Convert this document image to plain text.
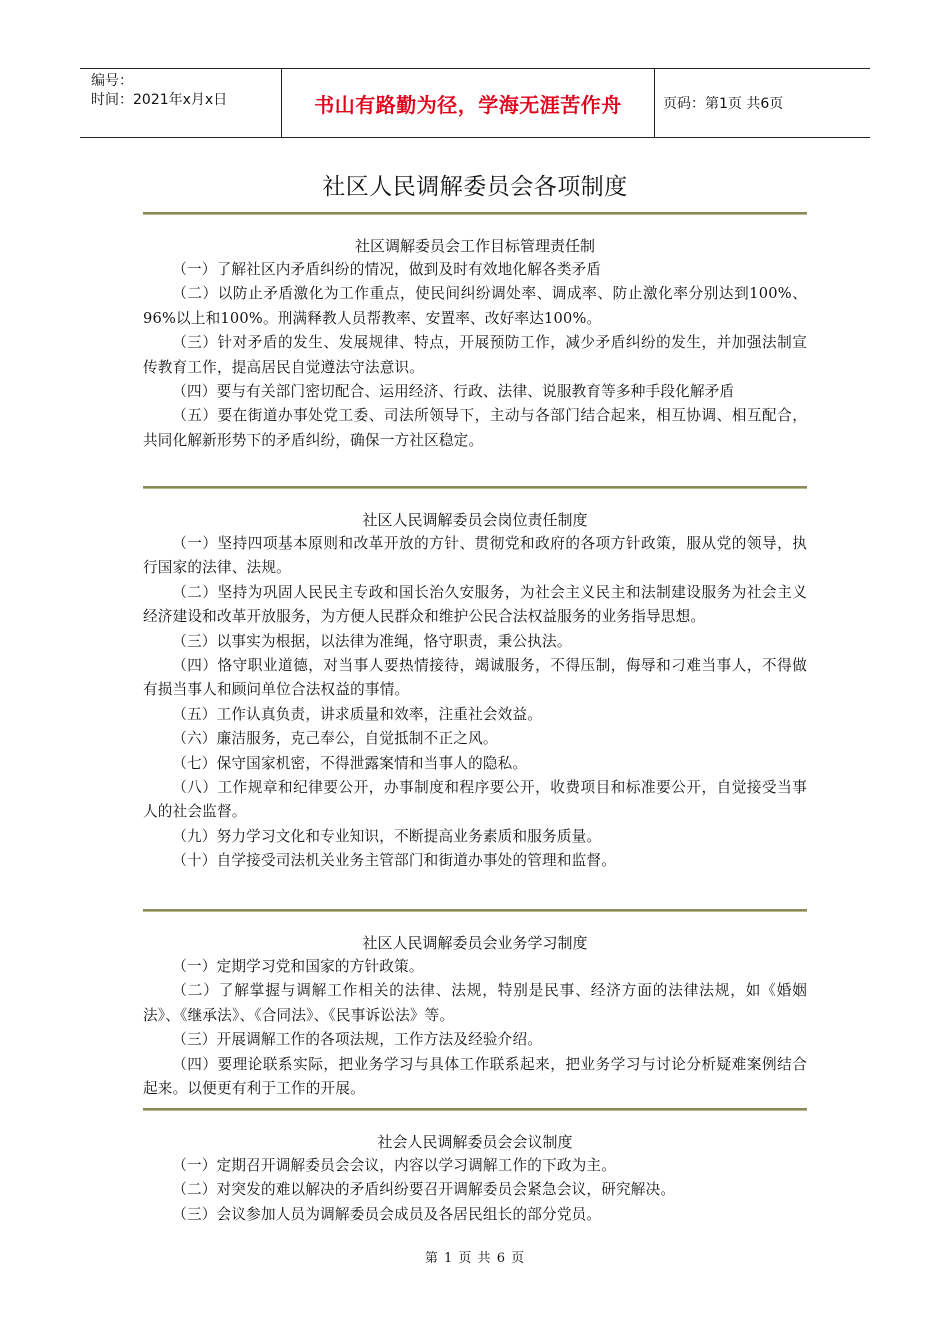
编号：
时间：2021年x月x日	书山有路勤为径，学海无涯苦作舟	页码：第1页 共6页
社区人民调解委员会各项制度
社区调解委员会工作目标管理责任制

（一）了解社区内矛盾纠纷的情况，做到及时有效地化解各类矛盾

（二）以防止矛盾激化为工作重点，使民间纠纷调处率、调成率、防止激化率分别达到100%、96%以上和100%。刑满释教人员帮教率、安置率、改好率达100%。

（三）针对矛盾的发生、发展规律、特点，开展预防工作，减少矛盾纠纷的发生，并加强法制宣传教育工作，提高居民自觉遵法守法意识。

（四）要与有关部门密切配合、运用经济、行政、法律、说服教育等多种手段化解矛盾

（五）要在街道办事处党工委、司法所领导下，主动与各部门结合起来，相互协调、相互配合，共同化解新形势下的矛盾纠纷，确保一方社区稳定。

社区人民调解委员会岗位责任制度

（一）坚持四项基本原则和改革开放的方针、贯彻党和政府的各项方针政策，服从党的领导，执行国家的法律、法规。

（二）坚持为巩固人民民主专政和国长治久安服务，为社会主义民主和法制建设服务为社会主义经济建设和改革开放服务，为方便人民群众和维护公民合法权益服务的业务指导思想。

（三）以事实为根据，以法律为准绳，恪守职责，秉公执法。

（四）恪守职业道德，对当事人要热情接待，竭诚服务，不得压制，侮辱和刁难当事人，不得做有损当事人和顾问单位合法权益的事情。

（五）工作认真负责，讲求质量和效率，注重社会效益。

（六）廉洁服务，克己奉公，自觉抵制不正之风。

（七）保守国家机密，不得泄露案情和当事人的隐私。

（八）工作规章和纪律要公开，办事制度和程序要公开，收费项目和标准要公开，自觉接受当事人的社会监督。

（九）努力学习文化和专业知识，不断提高业务素质和服务质量。

（十）自学接受司法机关业务主管部门和街道办事处的管理和监督。

社区人民调解委员会业务学习制度

（一）定期学习党和国家的方针政策。

（二）了解掌握与调解工作相关的法律、法规，特别是民事、经济方面的法律法规，如《婚姻法》、《继承法》、《合同法》、《民事诉讼法》等。

（三）开展调解工作的各项法规，工作方法及经验介绍。

（四）要理论联系实际，把业务学习与具体工作联系起来，把业务学习与讨论分析疑难案例结合起来。以便更有利于工作的开展。

社会人民调解委员会会议制度

（一）定期召开调解委员会会议，内容以学习调解工作的下政为主。

（二）对突发的难以解决的矛盾纠纷要召开调解委员会紧急会议，研究解决。

（三）会议参加人员为调解委员会成员及各居民组长的部分党员。

第 1 页 共 6 页
